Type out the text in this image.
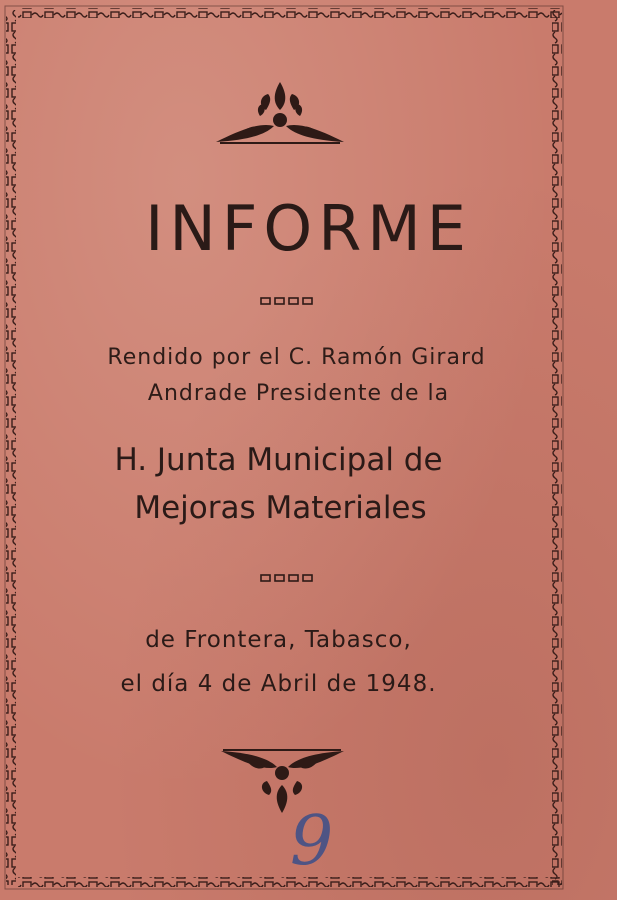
INFORME
Rendido por el C. Ramón Girard
Andrade Presidente de la
H. Junta Municipal de
Mejoras Materiales
de Frontera, Tabasco,
el día 4 de Abril de 1948.
9
